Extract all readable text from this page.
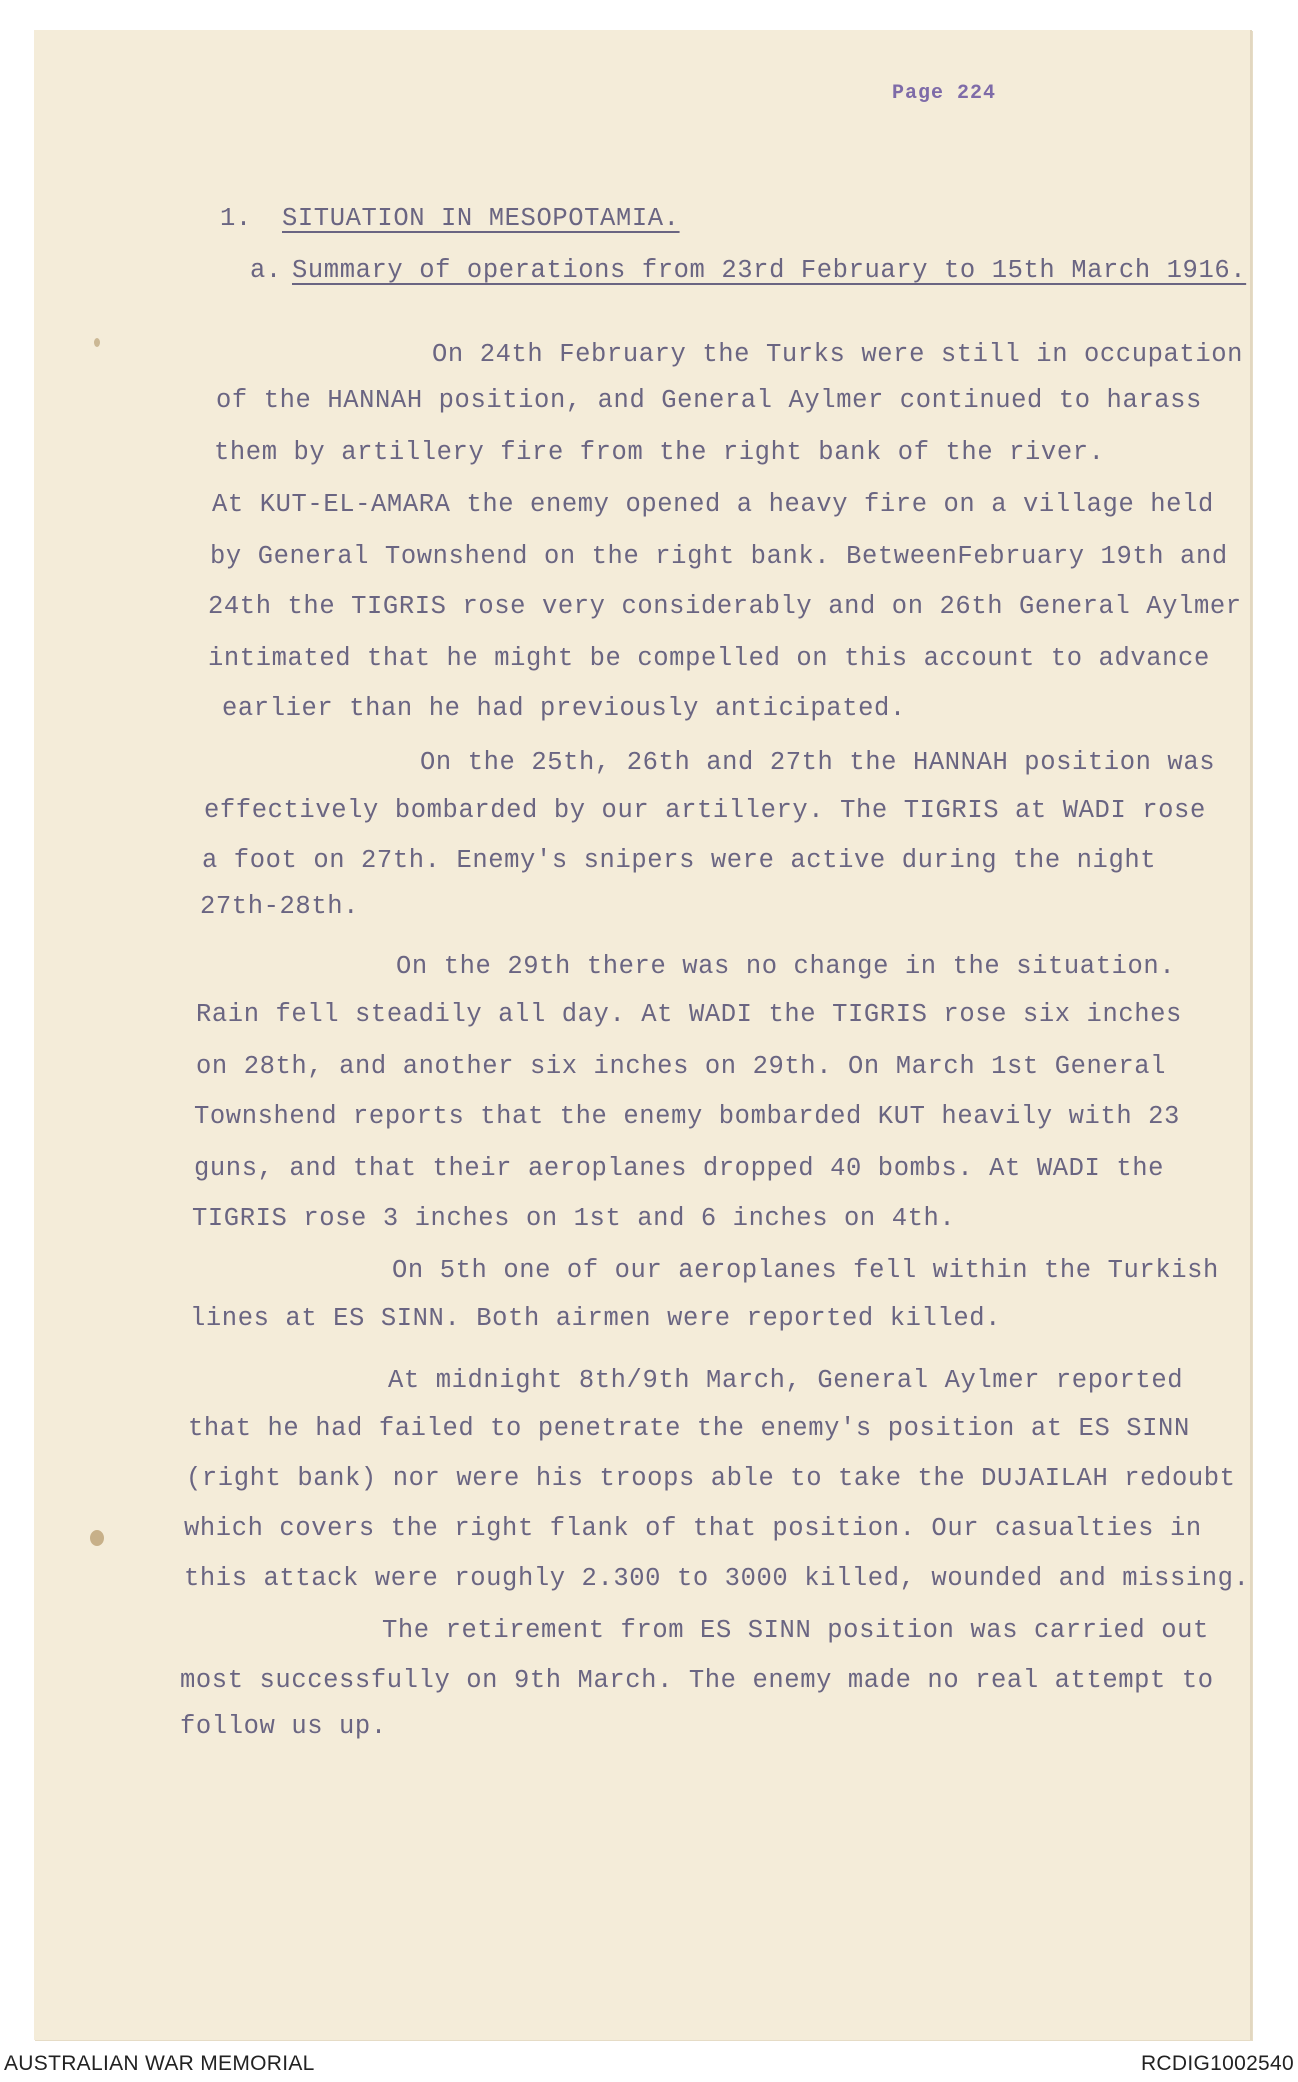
Page 224
1. SITUATION IN MESOPOTAMIA.
a. Summary of operations from 23rd February to 15th March 1916.
On 24th February the Turks were still in occupation
of the HANNAH position, and General Aylmer continued to harass
them by artillery fire from the right bank of the river.
At KUT-EL-AMARA the enemy opened a heavy fire on a village held
by General Townshend on the right bank. BetweenFebruary 19th and
24th the TIGRIS rose very considerably and on 26th General Aylmer
intimated that he might be compelled on this account to advance
earlier than he had previously anticipated.
On the 25th, 26th and 27th the HANNAH position was
effectively bombarded by our artillery. The TIGRIS at WADI rose
a foot on 27th. Enemy's snipers were active during the night
27th-28th.
On the 29th there was no change in the situation.
Rain fell steadily all day. At WADI the TIGRIS rose six inches
on 28th, and another six inches on 29th. On March 1st General
Townshend reports that the enemy bombarded KUT heavily with 23
guns, and that their aeroplanes dropped 40 bombs. At WADI the
TIGRIS rose 3 inches on 1st and 6 inches on 4th.
On 5th one of our aeroplanes fell within the Turkish
lines at ES SINN. Both airmen were reported killed.
At midnight 8th/9th March, General Aylmer reported
that he had failed to penetrate the enemy's position at ES SINN
(right bank) nor were his troops able to take the DUJAILAH redoubt
which covers the right flank of that position. Our casualties in
this attack were roughly 2.300 to 3000 killed, wounded and missing.
The retirement from ES SINN position was carried out
most successfully on 9th March. The enemy made no real attempt to
follow us up.
AUSTRALIAN WAR MEMORIAL	RCDIG1002540
